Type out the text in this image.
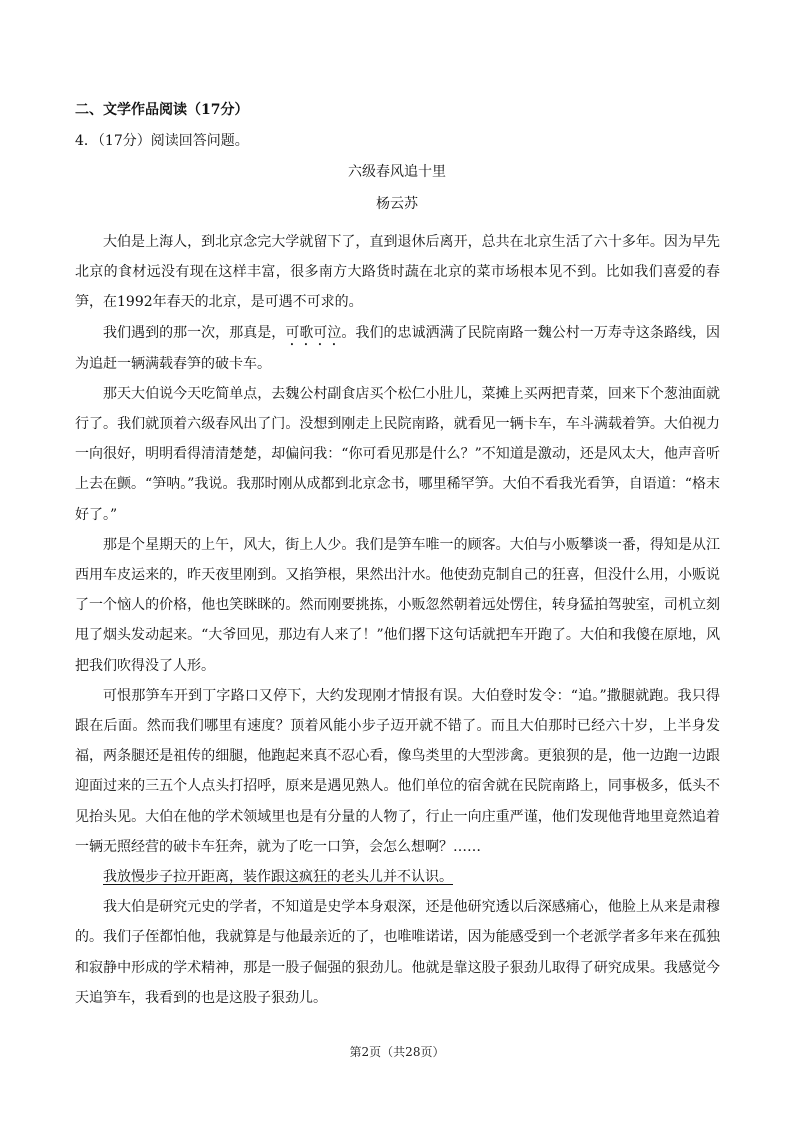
二、文学作品阅读（17分）
4．（17分）阅读回答问题。
六级春风追十里
杨云苏

大伯是上海人，到北京念完大学就留下了，直到退休后离开，总共在北京生活了六十多年。因为早先北京的食材远没有现在这样丰富，很多南方大路货时蔬在北京的菜市场根本见不到。比如我们喜爱的春笋，在1992年春天的北京，是可遇不可求的。

我们遇到的那一次，那真是，可歌可泣。我们的忠诚洒满了民院南路一魏公村一万寿寺这条路线，因为追赶一辆满载春笋的破卡车。

那天大伯说今天吃简单点，去魏公村副食店买个松仁小肚儿，菜摊上买两把青菜，回来下个葱油面就行了。我们就顶着六级春风出了门。没想到刚走上民院南路，就看见一辆卡车，车斗满载着笋。大伯视力一向很好，明明看得清清楚楚，却偏问我：“你可看见那是什么？”不知道是激动，还是风太大，他声音听上去在颤。“笋呐。”我说。我那时刚从成都到北京念书，哪里稀罕笋。大伯不看我光看笋，自语道：“格末好了。”

那是个星期天的上午，风大，街上人少。我们是笋车唯一的顾客。大伯与小贩攀谈一番，得知是从江西用车皮运来的，昨天夜里刚到。又掐笋根，果然出汁水。他使劲克制自己的狂喜，但没什么用，小贩说了一个恼人的价格，他也笑眯眯的。然而刚要挑拣，小贩忽然朝着远处愣住，转身猛拍驾驶室，司机立刻甩了烟头发动起来。“大爷回见，那边有人来了！”他们撂下这句话就把车开跑了。大伯和我傻在原地，风把我们吹得没了人形。

可恨那笋车开到丁字路口又停下，大约发现刚才情报有误。大伯登时发令：“追。”撒腿就跑。我只得跟在后面。然而我们哪里有速度？顶着风能小步子迈开就不错了。而且大伯那时已经六十岁，上半身发福，两条腿还是祖传的细腿，他跑起来真不忍心看，像鸟类里的大型涉禽。更狼狈的是，他一边跑一边跟迎面过来的三五个人点头打招呼，原来是遇见熟人。他们单位的宿舍就在民院南路上，同事极多，低头不见抬头见。大伯在他的学术领域里也是有分量的人物了，行止一向庄重严谨，他们发现他背地里竟然追着一辆无照经营的破卡车狂奔，就为了吃一口笋，会怎么想啊？……

我放慢步子拉开距离，装作跟这疯狂的老头儿并不认识。

我大伯是研究元史的学者，不知道是史学本身艰深，还是他研究透以后深感痛心，他脸上从来是肃穆的。我们子侄都怕他，我就算是与他最亲近的了，也唯唯诺诺，因为能感受到一个老派学者多年来在孤独和寂静中形成的学术精神，那是一股子倔强的狠劲儿。他就是靠这股子狠劲儿取得了研究成果。我感觉今天追笋车，我看到的也是这股子狠劲儿。

第2页（共28页）
